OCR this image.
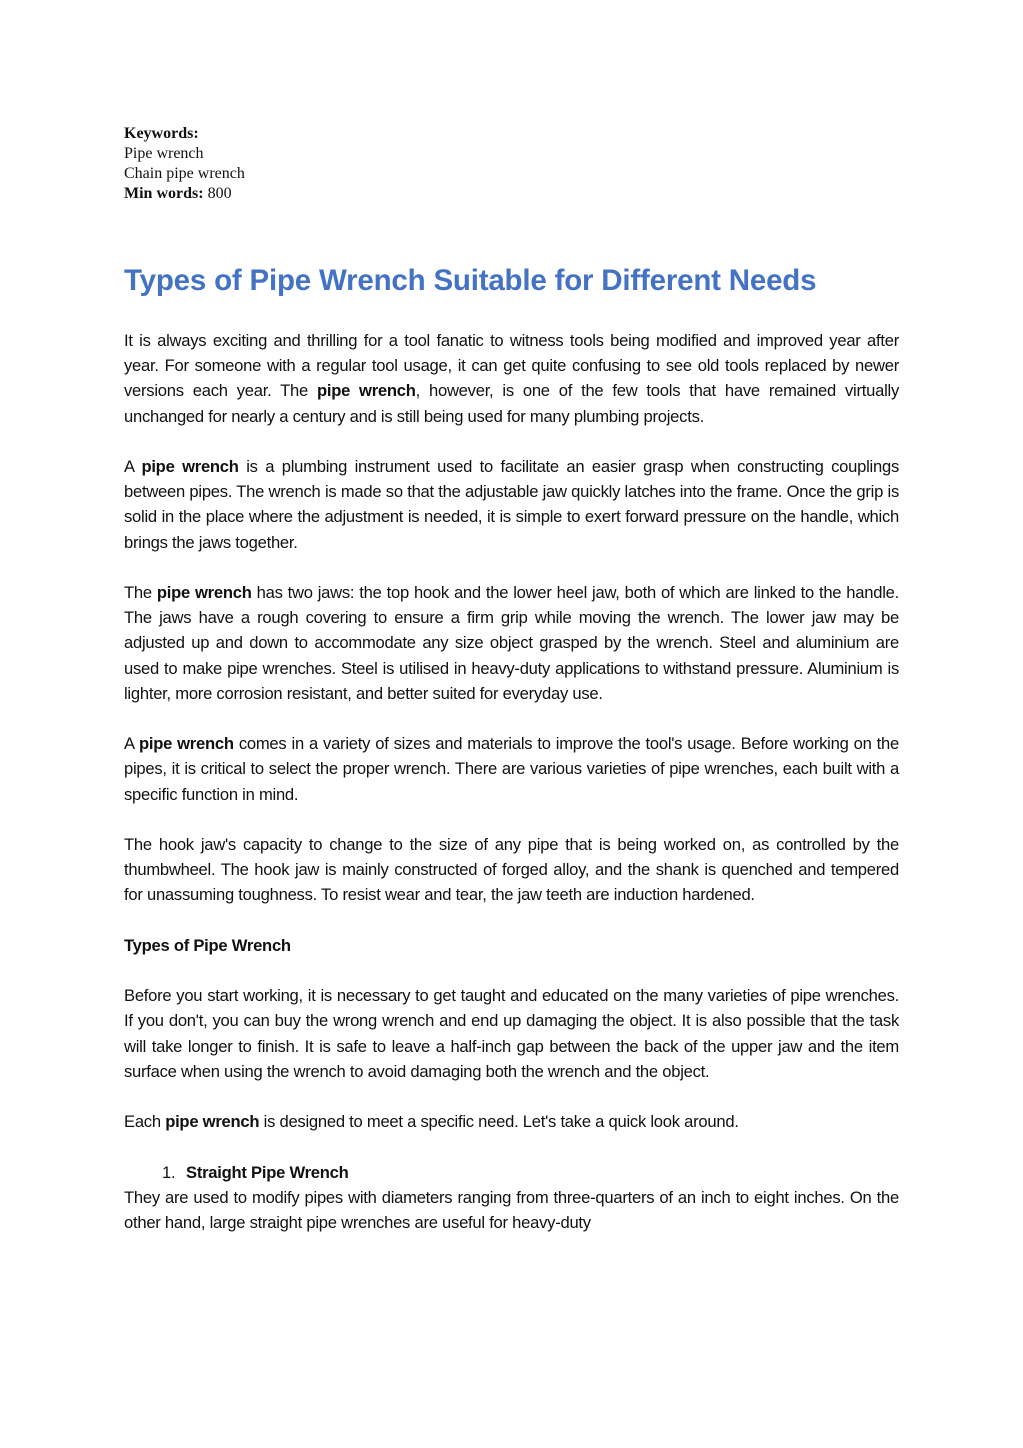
Keywords:
Pipe wrench
Chain pipe wrench
Min words: 800
Types of Pipe Wrench Suitable for Different Needs

It is always exciting and thrilling for a tool fanatic to witness tools being modified and improved year after year. For someone with a regular tool usage, it can get quite confusing to see old tools replaced by newer versions each year. The pipe wrench, however, is one of the few tools that have remained virtually unchanged for nearly a century and is still being used for many plumbing projects.

A pipe wrench is a plumbing instrument used to facilitate an easier grasp when constructing couplings between pipes. The wrench is made so that the adjustable jaw quickly latches into the frame. Once the grip is solid in the place where the adjustment is needed, it is simple to exert forward pressure on the handle, which brings the jaws together.

The pipe wrench has two jaws: the top hook and the lower heel jaw, both of which are linked to the handle. The jaws have a rough covering to ensure a firm grip while moving the wrench. The lower jaw may be adjusted up and down to accommodate any size object grasped by the wrench. Steel and aluminium are used to make pipe wrenches. Steel is utilised in heavy-duty applications to withstand pressure. Aluminium is lighter, more corrosion resistant, and better suited for everyday use.

A pipe wrench comes in a variety of sizes and materials to improve the tool's usage. Before working on the pipes, it is critical to select the proper wrench. There are various varieties of pipe wrenches, each built with a specific function in mind.

The hook jaw's capacity to change to the size of any pipe that is being worked on, as controlled by the thumbwheel. The hook jaw is mainly constructed of forged alloy, and the shank is quenched and tempered for unassuming toughness. To resist wear and tear, the jaw teeth are induction hardened.

Types of Pipe Wrench

Before you start working, it is necessary to get taught and educated on the many varieties of pipe wrenches. If you don't, you can buy the wrong wrench and end up damaging the object. It is also possible that the task will take longer to finish. It is safe to leave a half-inch gap between the back of the upper jaw and the item surface when using the wrench to avoid damaging both the wrench and the object.

Each pipe wrench is designed to meet a specific need. Let's take a quick look around.

1. Straight Pipe Wrench

They are used to modify pipes with diameters ranging from three-quarters of an inch to eight inches. On the other hand, large straight pipe wrenches are useful for heavy-duty
